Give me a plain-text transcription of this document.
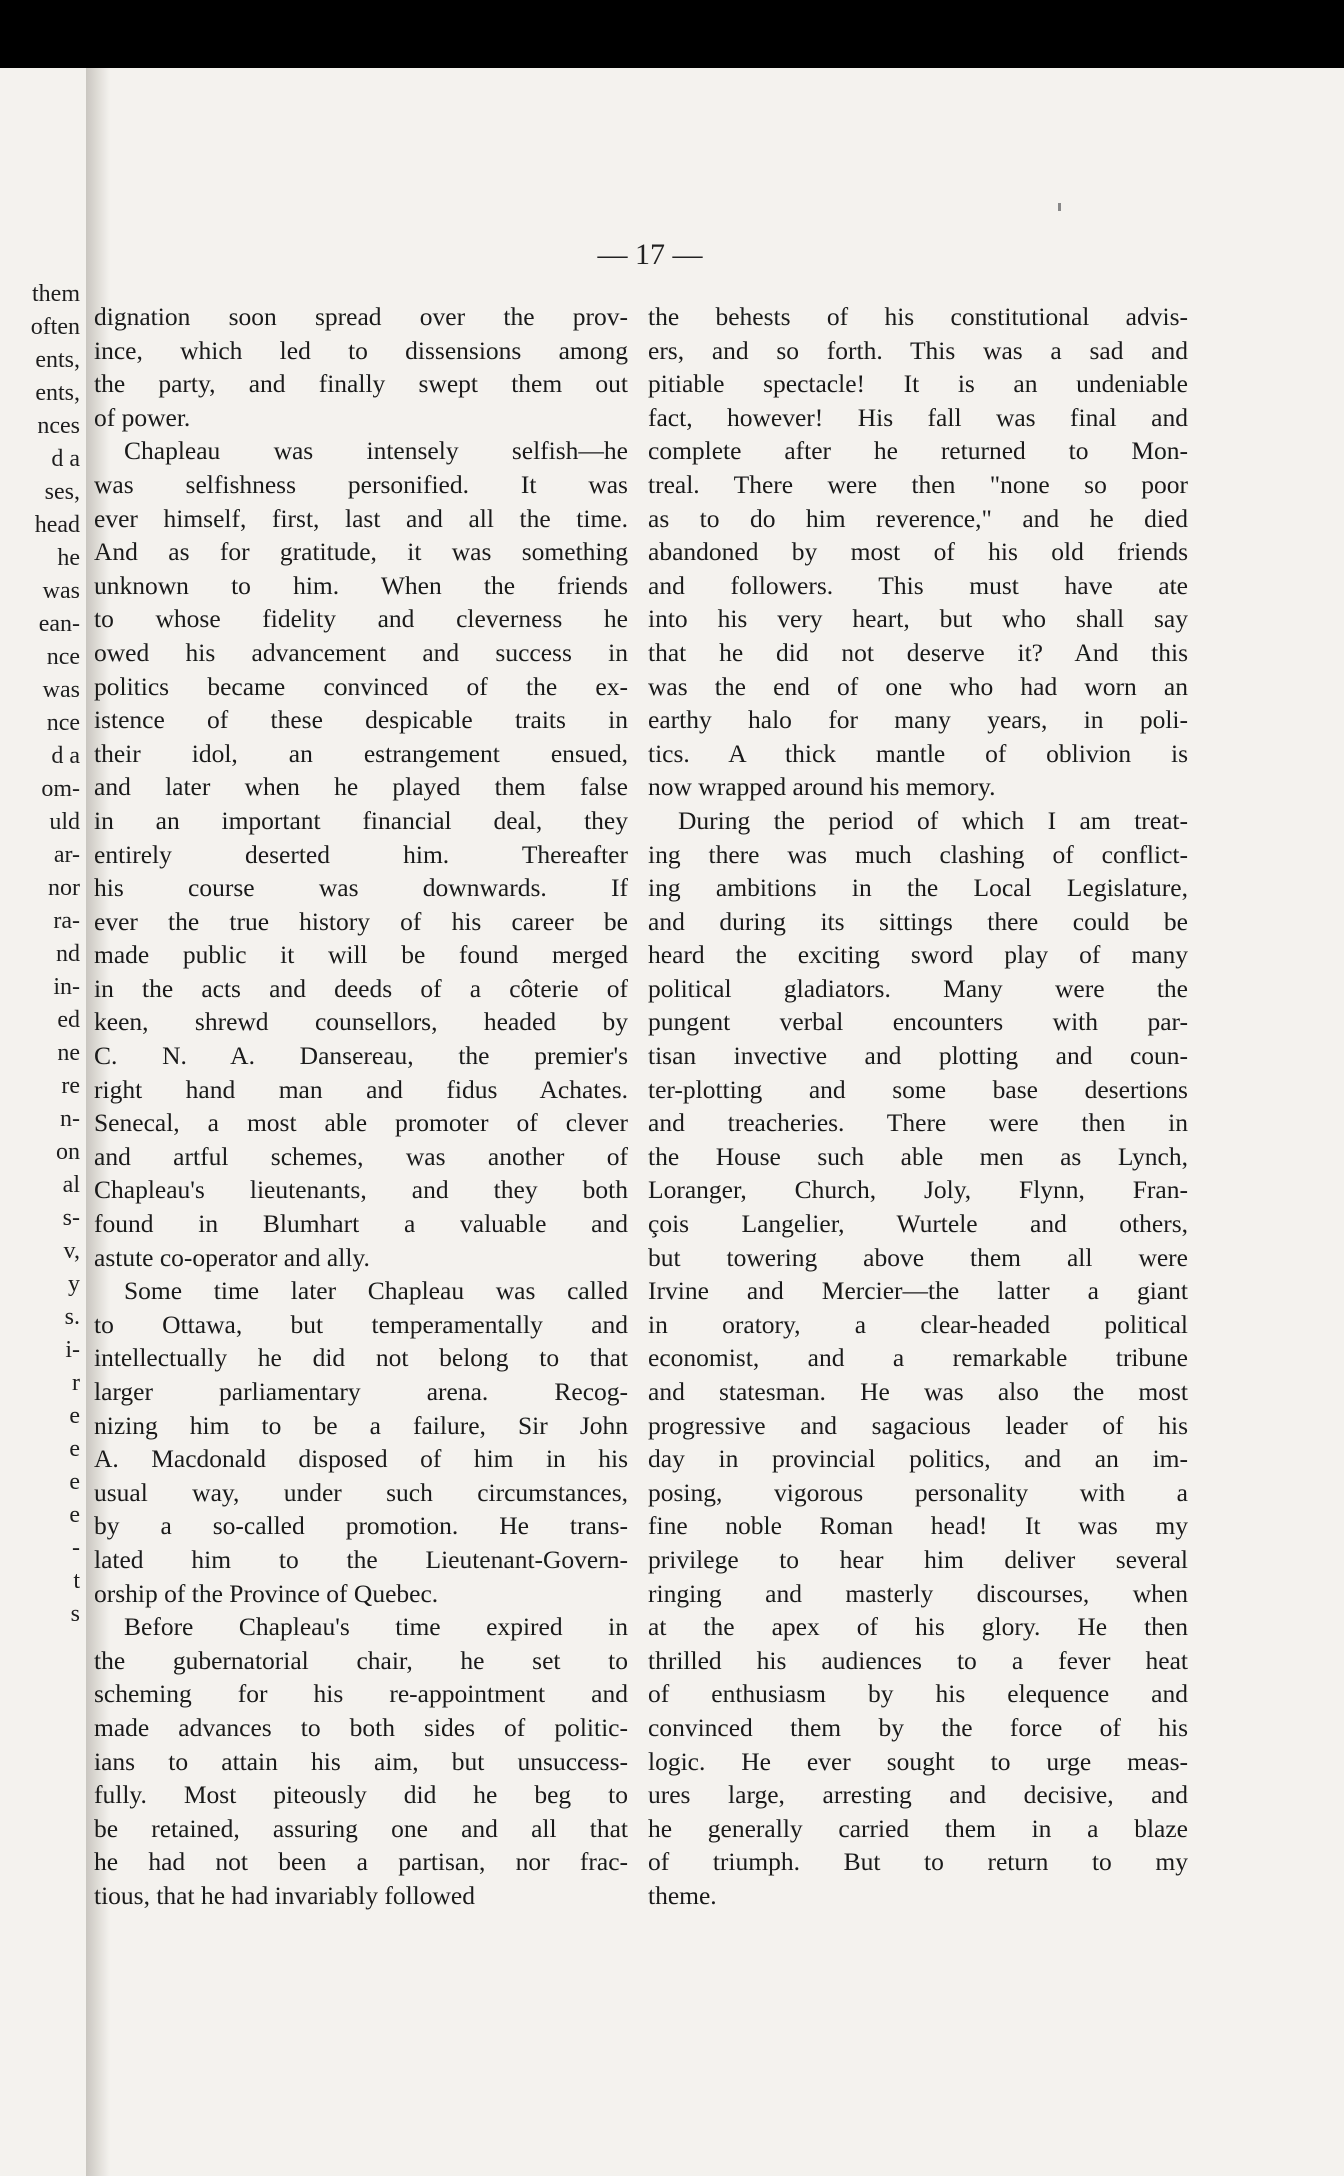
them
often
ents,
ents,
nces
d a
ses,
head
he
was
ean-
nce
was
nce
d a
om-
uld
ar-
nor
ra-
nd
in-
ed
ne
re
n-
on
al
s-
v,
y
s.
i-
r
e
e
e
e
-
t
s
— 17 —
dignation soon spread over the prov-
ince, which led to dissensions among
the party, and finally swept them out
of power.
Chapleau was intensely selfish—he
was selfishness personified. It was
ever himself, first, last and all the time.
And as for gratitude, it was something
unknown to him. When the friends
to whose fidelity and cleverness he
owed his advancement and success in
politics became convinced of the ex-
istence of these despicable traits in
their idol, an estrangement ensued,
and later when he played them false
in an important financial deal, they
entirely deserted him. Thereafter
his course was downwards. If
ever the true history of his career be
made public it will be found merged
in the acts and deeds of a côterie of
keen, shrewd counsellors, headed by
C. N. A. Dansereau, the premier's
right hand man and fidus Achates.
Senecal, a most able promoter of clever
and artful schemes, was another of
Chapleau's lieutenants, and they both
found in Blumhart a valuable and
astute co-operator and ally.
Some time later Chapleau was called
to Ottawa, but temperamentally and
intellectually he did not belong to that
larger parliamentary arena. Recog-
nizing him to be a failure, Sir John
A. Macdonald disposed of him in his
usual way, under such circumstances,
by a so-called promotion. He trans-
lated him to the Lieutenant-Govern-
orship of the Province of Quebec.
Before Chapleau's time expired in
the gubernatorial chair, he set to
scheming for his re-appointment and
made advances to both sides of politic-
ians to attain his aim, but unsuccess-
fully. Most piteously did he beg to
be retained, assuring one and all that
he had not been a partisan, nor frac-
tious, that he had invariably followed
the behests of his constitutional advis-
ers, and so forth. This was a sad and
pitiable spectacle! It is an undeniable
fact, however! His fall was final and
complete after he returned to Mon-
treal. There were then "none so poor
as to do him reverence," and he died
abandoned by most of his old friends
and followers. This must have ate
into his very heart, but who shall say
that he did not deserve it? And this
was the end of one who had worn an
earthy halo for many years, in poli-
tics. A thick mantle of oblivion is
now wrapped around his memory.
During the period of which I am treat-
ing there was much clashing of conflict-
ing ambitions in the Local Legislature,
and during its sittings there could be
heard the exciting sword play of many
political gladiators. Many were the
pungent verbal encounters with par-
tisan invective and plotting and coun-
ter-plotting and some base desertions
and treacheries. There were then in
the House such able men as Lynch,
Loranger, Church, Joly, Flynn, Fran-
çois Langelier, Wurtele and others,
but towering above them all were
Irvine and Mercier—the latter a giant
in oratory, a clear-headed political
economist, and a remarkable tribune
and statesman. He was also the most
progressive and sagacious leader of his
day in provincial politics, and an im-
posing, vigorous personality with a
fine noble Roman head! It was my
privilege to hear him deliver several
ringing and masterly discourses, when
at the apex of his glory. He then
thrilled his audiences to a fever heat
of enthusiasm by his elequence and
convinced them by the force of his
logic. He ever sought to urge meas-
ures large, arresting and decisive, and
he generally carried them in a blaze
of triumph. But to return to my
theme.
